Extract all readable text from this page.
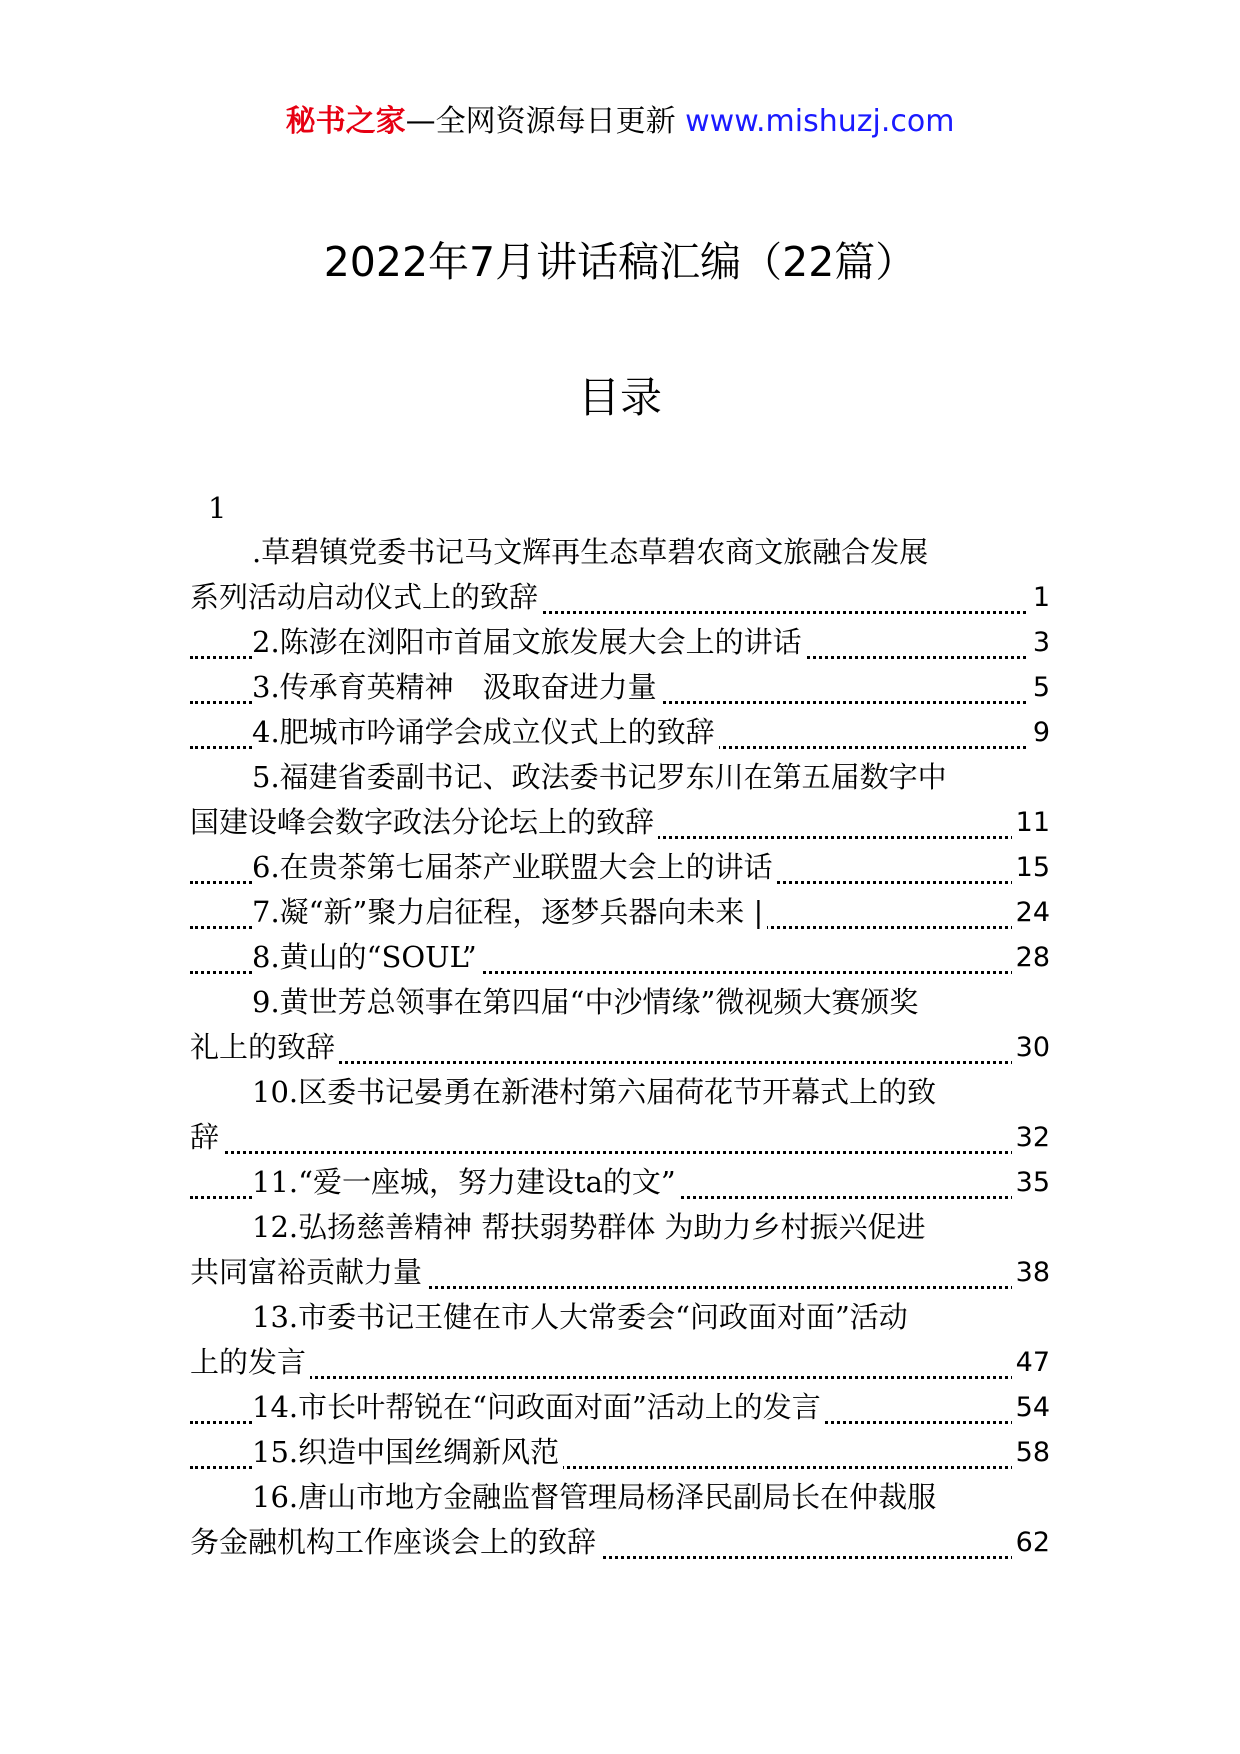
秘书之家—全网资源每日更新 www.mishuzj.com
2022年7月讲话稿汇编（22篇）
目录
1
.草碧镇党委书记马文辉再生态草碧农商文旅融合发展
系列活动启动仪式上的致辞	1
2.陈澎在浏阳市首届文旅发展大会上的讲话	3
3.传承育英精神　汲取奋进力量	5
4.肥城市吟诵学会成立仪式上的致辞	9
5.福建省委副书记、政法委书记罗东川在第五届数字中
国建设峰会数字政法分论坛上的致辞	11
6.在贵茶第七届茶产业联盟大会上的讲话	15
7.凝“新”聚力启征程，逐梦兵器向未来 |	24
8.黄山的“SOUL”	28
9.黄世芳总领事在第四届“中沙情缘”微视频大赛颁奖
礼上的致辞	30
10.区委书记晏勇在新港村第六届荷花节开幕式上的致
辞	32
11.“爱一座城，努力建设ta的文”	35
12.弘扬慈善精神 帮扶弱势群体 为助力乡村振兴促进
共同富裕贡献力量	38
13.市委书记王健在市人大常委会“问政面对面”活动
上的发言	47
14.市长叶帮锐在“问政面对面”活动上的发言	54
15.织造中国丝绸新风范	58
16.唐山市地方金融监督管理局杨泽民副局长在仲裁服
务金融机构工作座谈会上的致辞	62
